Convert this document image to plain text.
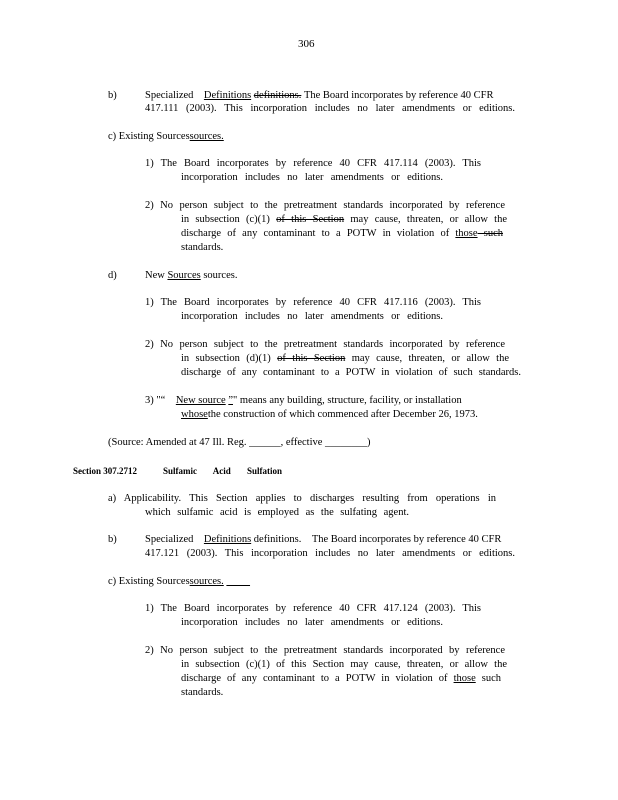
306
b)	Specialized Definitions definitions. The Board incorporates by reference 40 CFR
417.111 (2003). This incorporation includes no later amendments or editions.
c) Existing Sourcessources.
1) The Board incorporates by reference 40 CFR 417.114 (2003). This
incorporation includes no later amendments or editions.
2) No person subject to the pretreatment standards incorporated by reference
in subsection (c)(1) of this Section may cause, threaten, or allow the
discharge of any contaminant to a POTW in violation of those such
standards.
d)	New Sources sources.
1) The Board incorporates by reference 40 CFR 417.116 (2003). This
incorporation includes no later amendments or editions.
2) No person subject to the pretreatment standards incorporated by reference
in subsection (d)(1) of this Section may cause, threaten, or allow the
discharge of any contaminant to a POTW in violation of such standards.
3) "“ New source ”" means any building, structure, facility, or installation
whosethe construction of which commenced after December 26, 1973.
(Source: Amended at 47 Ill. Reg. ______, effective ________)
Section 307.2712	Sulfamic Acid Sulfation
a) Applicability. This Section applies to discharges resulting from operations in
which sulfamic acid is employed as the sulfating agent.
b)	Specialized Definitions definitions. The Board incorporates by reference 40 CFR
417.121 (2003). This incorporation includes no later amendments or editions.
c) Existing Sourcessources.
1) The Board incorporates by reference 40 CFR 417.124 (2003). This
incorporation includes no later amendments or editions.
2) No person subject to the pretreatment standards incorporated by reference
in subsection (c)(1) of this Section may cause, threaten, or allow the
discharge of any contaminant to a POTW in violation of those such
standards.
